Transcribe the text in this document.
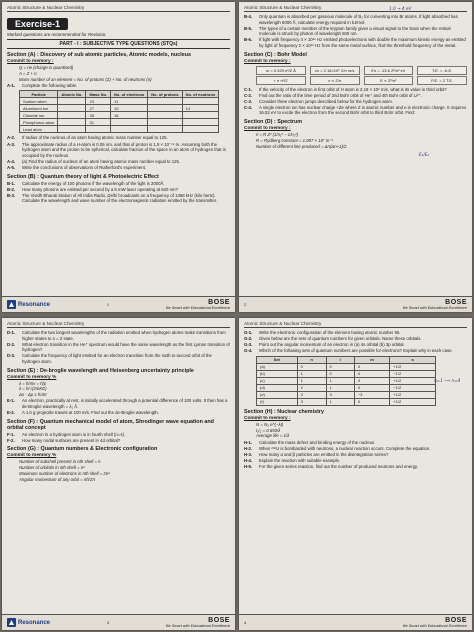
Atomic Structure & Nuclear Chemistry
Exercise-1
Marked questions are recommended for Revision.
PART - I : SUBJECTIVE TYPE QUESTIONS (STQs)
Section (A) : Discovery of sub atomic particles, Atomic models, nucleus
Commit to memory :
Q = ne (charge is quantised)
A = Z + n
Mass number of an element = No. of protons (Z) + No. of neutrons (n)
A-1.	Complete the following table.
Particle	Atomic No.	Mass No.	No. of electrons	No. of protons	No. of neutrons
Sodium atom		23	11		
Aluminium ion		27	10		14
Chloride ion		35	18		
Phosphorus atom		31			
Lead atom					
A-2.	If radius of the nucleus of an atom having atomic mass number equal to 125.
A-3.	The approximate radius of a H-atom is 0.05 nm, and that of proton is 1.5 × 10⁻¹⁵ m. Assuming both the hydrogen atom and the proton to be spherical, calculate fraction of the space in an atom of hydrogen that is occupied by the nucleus.
A-4.	(a) Find the radius of nucleus of an atom having atomic mass number equal to 125.
A-5.	Write the conclusions of observations of Rutherford's experiment.
Section (B) : Quantum theory of light & Photoelectric Effect
B-1.	Calculate the energy of 100 photons if the wavelength of the light is 2000Å.
B-2.	How many photons are emitted per second by a 5 mW laser operating at 620 nm?
B-3.	The Vividh Bharati Station of All India Radio, Delhi broadcasts on a frequency of 1368 kHz (kilo hertz). Calculate the wavelength and wave number of the electromagnetic radiation emitted by the transmitter.
Resonance	1	BOSE
Be Smart with Educational Excellence
Atomic Structure & Nuclear Chemistry
B-4.	Only quantum is absorbed per gaseous molecule of B₂ for converting into Br atoms. If light absorbed has wavelength 5000 Å, calculate energy required in kJ/mol.
B-5.	The types of a certain member of the krypton family gives a visual signal to the brain when the retinal molecule is struck by photon of wavelength 600 nm.
B-6.	If light with frequency 4 × 10¹⁵ Hz emitted photoelectrons with double the maximum kinetic energy as emitted by light of frequency 2 × 10¹⁵ Hz from the same metal surface, find the threshold frequency of the metal.
Section (C) : Bohr Model
Commit to memory :
rn = 0.529 n²/Z Å	vn = 2.18×10⁶ Z/n m/s	En = -13.6 Z²/n² eV	T.E. = -K.E.
r ∝ n²/Z	v ∝ Z/n	E ∝ Z²/n²	P.E. = 2 T.E.
C-1.	If the velocity of the electron in first orbit of H atom is 2.18 × 10⁶ m/s, what is its value in third orbit?
C-2.	Find out the ratio of the time period of 2nd Bohr orbit of He⁺ and 4th Bohr orbit of Li²⁺.
C-3.	Consider three electron jumps described below for the hydrogen atom.
C-4.	A single electron ion has nuclear charge +Ze where Z is atomic number and e is electronic charge. It requires 16.52 eV to excite the electron from the second Bohr orbit to third Bohr orbit. Find:
Section (D) : Spectrum
Commit to memory :
ν̄ = R Z² (1/n₁² − 1/n₂²)
R = Rydberg constant = 1.097 × 10⁷ m⁻¹
Number of different line produced = Δn(Δn+1)/2
1.0 → 4 eV
E₁/E₂
2	BOSE
Be Smart with Educational Excellence
Atomic Structure & Nuclear Chemistry
D-1.	Calculate the two longest wavelengths of the radiation emitted when hydrogen atoms make transitions from higher states to n = 2 state.
D-2.	What electron transition in the He⁺ spectrum would have the same wavelength as the first Lyman transition of hydrogen?
D-3.	Calculate the frequency of light emitted for an electron transition from the sixth to second orbit of the hydrogen atom.
Section (E) : De-broglie wavelength and Heisenberg uncertainty principle
Commit to memory %
λ = h/mv = h/p
λ = h/√(2mKE)
Δx · Δp ≥ h/4π
E-1.	An electron, practically at rest, is initially accelerated through a potential difference of 100 volts. It then has a de-Broglie wavelength = λ₁ Å.
E-2.	A 1.0 g projectile travels at 100 m/s. Find out the de-Broglie wavelength.
Section (F) : Quantum mechanical model of atom, Shrodinger wave equation and orbital concept
F-1.	An electron in a hydrogen atom is in fourth shell (n=4).
F-2.	How many nodal surfaces are present in 4d orbital?
Section (G) : Quantum numbers & Electronic configuration
Commit to memory %
Number of subshell present in nth shell = n
Number of orbitals in nth shell = n²
Maximum number of electrons in nth shell = 2n²
Angular momentum of any orbit = nh/2π
Resonance	3	BOSE
Be Smart with Educational Excellence
Atomic Structure & Nuclear Chemistry
G-1.	Write the electronic configuration of the element having atomic number 55.
G-2.	Given below are the sets of quantum numbers for given orbitals. Name these orbitals.
G-3.	Point out the angular momentum of an electron in (a) 4s orbital (b) 3p orbital.
G-4.	Which of the following sets of quantum numbers are possible for electrons? Explain why in each case.
Set	n	l	m	s
(a)	0	0	0	+1/2
(b)	1	0	0	−1/2
(c)	1	1	0	+1/2
(d)	2	1	0	−1/2
(e)	3	3	−3	+1/2
(f)	3	1	0	+1/2
Section (H) : Nuclear chemistry
Commit to memory :
N = N₀ e^(−λt)
t₁/₂ = 0.693/λ
Average life = 1/λ
H-1.	Calculate the mass defect and binding energy of the nucleus.
H-2.	When ²³⁸U is bombarded with neutrons, a nuclear reaction occurs. Complete the equation.
H-3.	How many α and β particles are emitted in the disintegration series?
H-4.	Explain the reaction with suitable example.
H-5.	For the given series reaction, find out the number of produced neutrons and energy.
n=1 ⟶ n=4
4	BOSE
Be Smart with Educational Excellence
